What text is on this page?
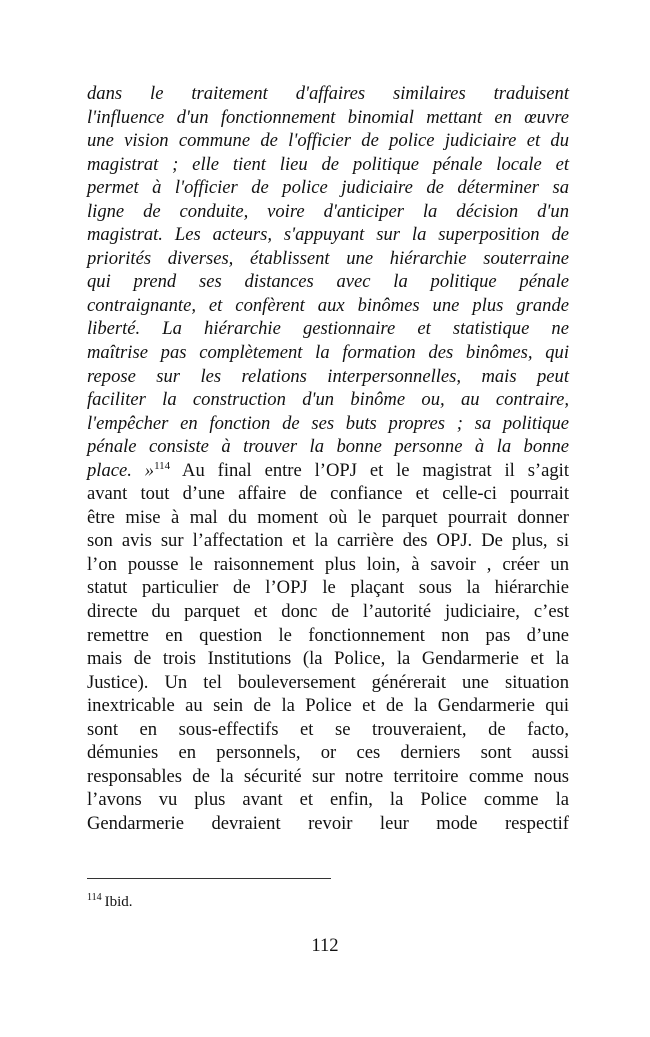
dans le traitement d'affaires similaires traduisent
l'influence d'un fonctionnement binomial mettant en œuvre
une vision commune de l'officier de police judiciaire et du
magistrat ; elle tient lieu de politique pénale locale et
permet à l'officier de police judiciaire de déterminer sa
ligne de conduite, voire d'anticiper la décision d'un
magistrat. Les acteurs, s'appuyant sur la superposition de
priorités diverses, établissent une hiérarchie souterraine
qui prend ses distances avec la politique pénale
contraignante, et confèrent aux binômes une plus grande
liberté. La hiérarchie gestionnaire et statistique ne
maîtrise pas complètement la formation des binômes, qui
repose sur les relations interpersonnelles, mais peut
faciliter la construction d'un binôme ou, au contraire,
l'empêcher en fonction de ses buts propres ; sa politique
pénale consiste à trouver la bonne personne à la bonne
place. »$^{114}$ Au final entre l’OPJ et le magistrat il s’agit
avant tout d’une affaire de confiance et celle-ci pourrait
être mise à mal du moment où le parquet pourrait donner
son avis sur l’affectation et la carrière des OPJ. De plus, si
l’on pousse le raisonnement plus loin, à savoir , créer un
statut particulier de l’OPJ le plaçant sous la hiérarchie
directe du parquet et donc de l’autorité judiciaire, c’est
remettre en question le fonctionnement non pas d’une
mais de trois Institutions (la Police, la Gendarmerie et la
Justice). Un tel bouleversement générerait une situation
inextricable au sein de la Police et de la Gendarmerie qui
sont en sous-effectifs et se trouveraient, de facto,
démunies en personnels, or ces derniers sont aussi
responsables de la sécurité sur notre territoire comme nous
l’avons vu plus avant et enfin, la Police comme la
Gendarmerie devraient revoir leur mode respectif

$^{114}$ Ibid.
112
